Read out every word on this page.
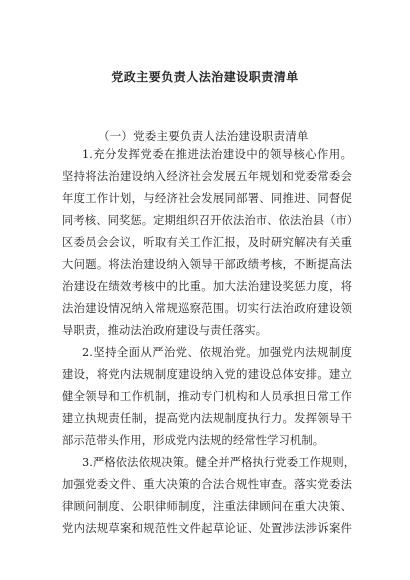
党政主要负责人法治建设职责清单
（一）党委主要负责人法治建设职责清单
1.充分发挥党委在推进法治建设中的领导核心作用。
坚持将法治建设纳入经济社会发展五年规划和党委常委会
年度工作计划，与经济社会发展同部署、同推进、同督促
同考核、同奖惩。定期组织召开依法治市、依法治县（市）
区委员会会议，听取有关工作汇报，及时研究解决有关重
大问题。将法治建设纳入领导干部政绩考核，不断提高法
治建设在绩效考核中的比重。加大法治建设奖惩力度，将
法治建设情况纳入常规巡察范围。切实行法治政府建设领
导职责，推动法治政府建设与责任落实。
2.坚持全面从严治党、依规治党。加强党内法规制度
建设，将党内法规制度建设纳入党的建设总体安排。建立
健全领导和工作机制，推动专门机构和人员承担日常工作
建立执规责任制，提高党内法规制度执行力。发挥领导干
部示范带头作用，形成党内法规的经常性学习机制。
3.严格依法依规决策。健全并严格执行党委工作规则，
加强党委文件、重大决策的合法合规性审查。落实党委法
律顾问制度、公职律师制度，注重法律顾问在重大决策、
党内法规草案和规范性文件起草论证、处置涉法涉诉案件
